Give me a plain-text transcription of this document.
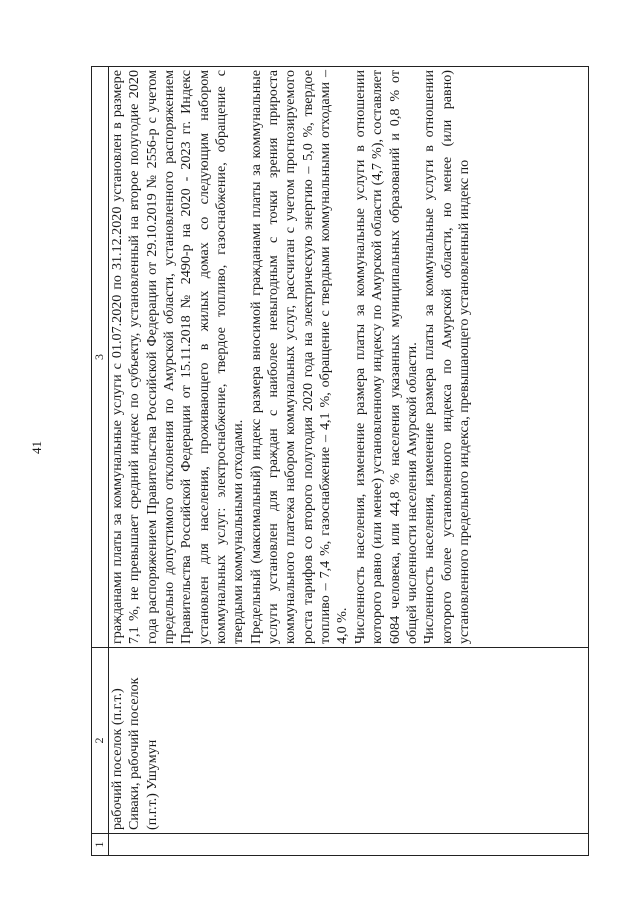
41
1	2	3

	рабочий поселок (п.г.т.) Сиваки, рабочий поселок (п.г.т.) Ушумун	гражданами платы за коммунальные услуги с 01.07.2020 по 31.12.2020 установлен в размере 7,1 %, не превышает средний индекс по субъекту, установленный на второе полугодие 2020 года распоряжением Правительства Российской Федерации от 29.10.2019 № 2556-р с учетом предельно допустимого отклонения по Амурской области, установленного распоряжением Правительства Российской Федерации от 15.11.2018 № 2490-р на 2020 - 2023 гг. Индекс установлен для населения, проживающего в жилых домах со следующим набором коммунальных услуг: электроснабжение, твердое топливо, газоснабжение, обращение с твердыми коммунальными отходами. Предельный (максимальный) индекс размера вносимой гражданами платы за коммунальные услуги установлен для граждан с наиболее невыгодным с точки зрения прироста коммунального платежа набором коммунальных услуг, рассчитан с учетом прогнозируемого роста тарифов со второго полугодия 2020 года на электрическую энергию – 5,0 %, твердое топливо – 7,4 %, газоснабжение – 4,1 %, обращение с твердыми коммунальными отходами – 4,0 %. Численность населения, изменение размера платы за коммунальные услуги в отношении которого равно (или менее) установленному индексу по Амурской области (4,7 %), составляет 6084 человека, или 44,8 % населения указанных муниципальных образований и 0,8 % от общей численности населения Амурской области. Численность населения, изменение размера платы за коммунальные услуги в отношении которого более установленного индекса по Амурской области, но менее (или равно) установленного предельного индекса, превышающего установленный индекс по
